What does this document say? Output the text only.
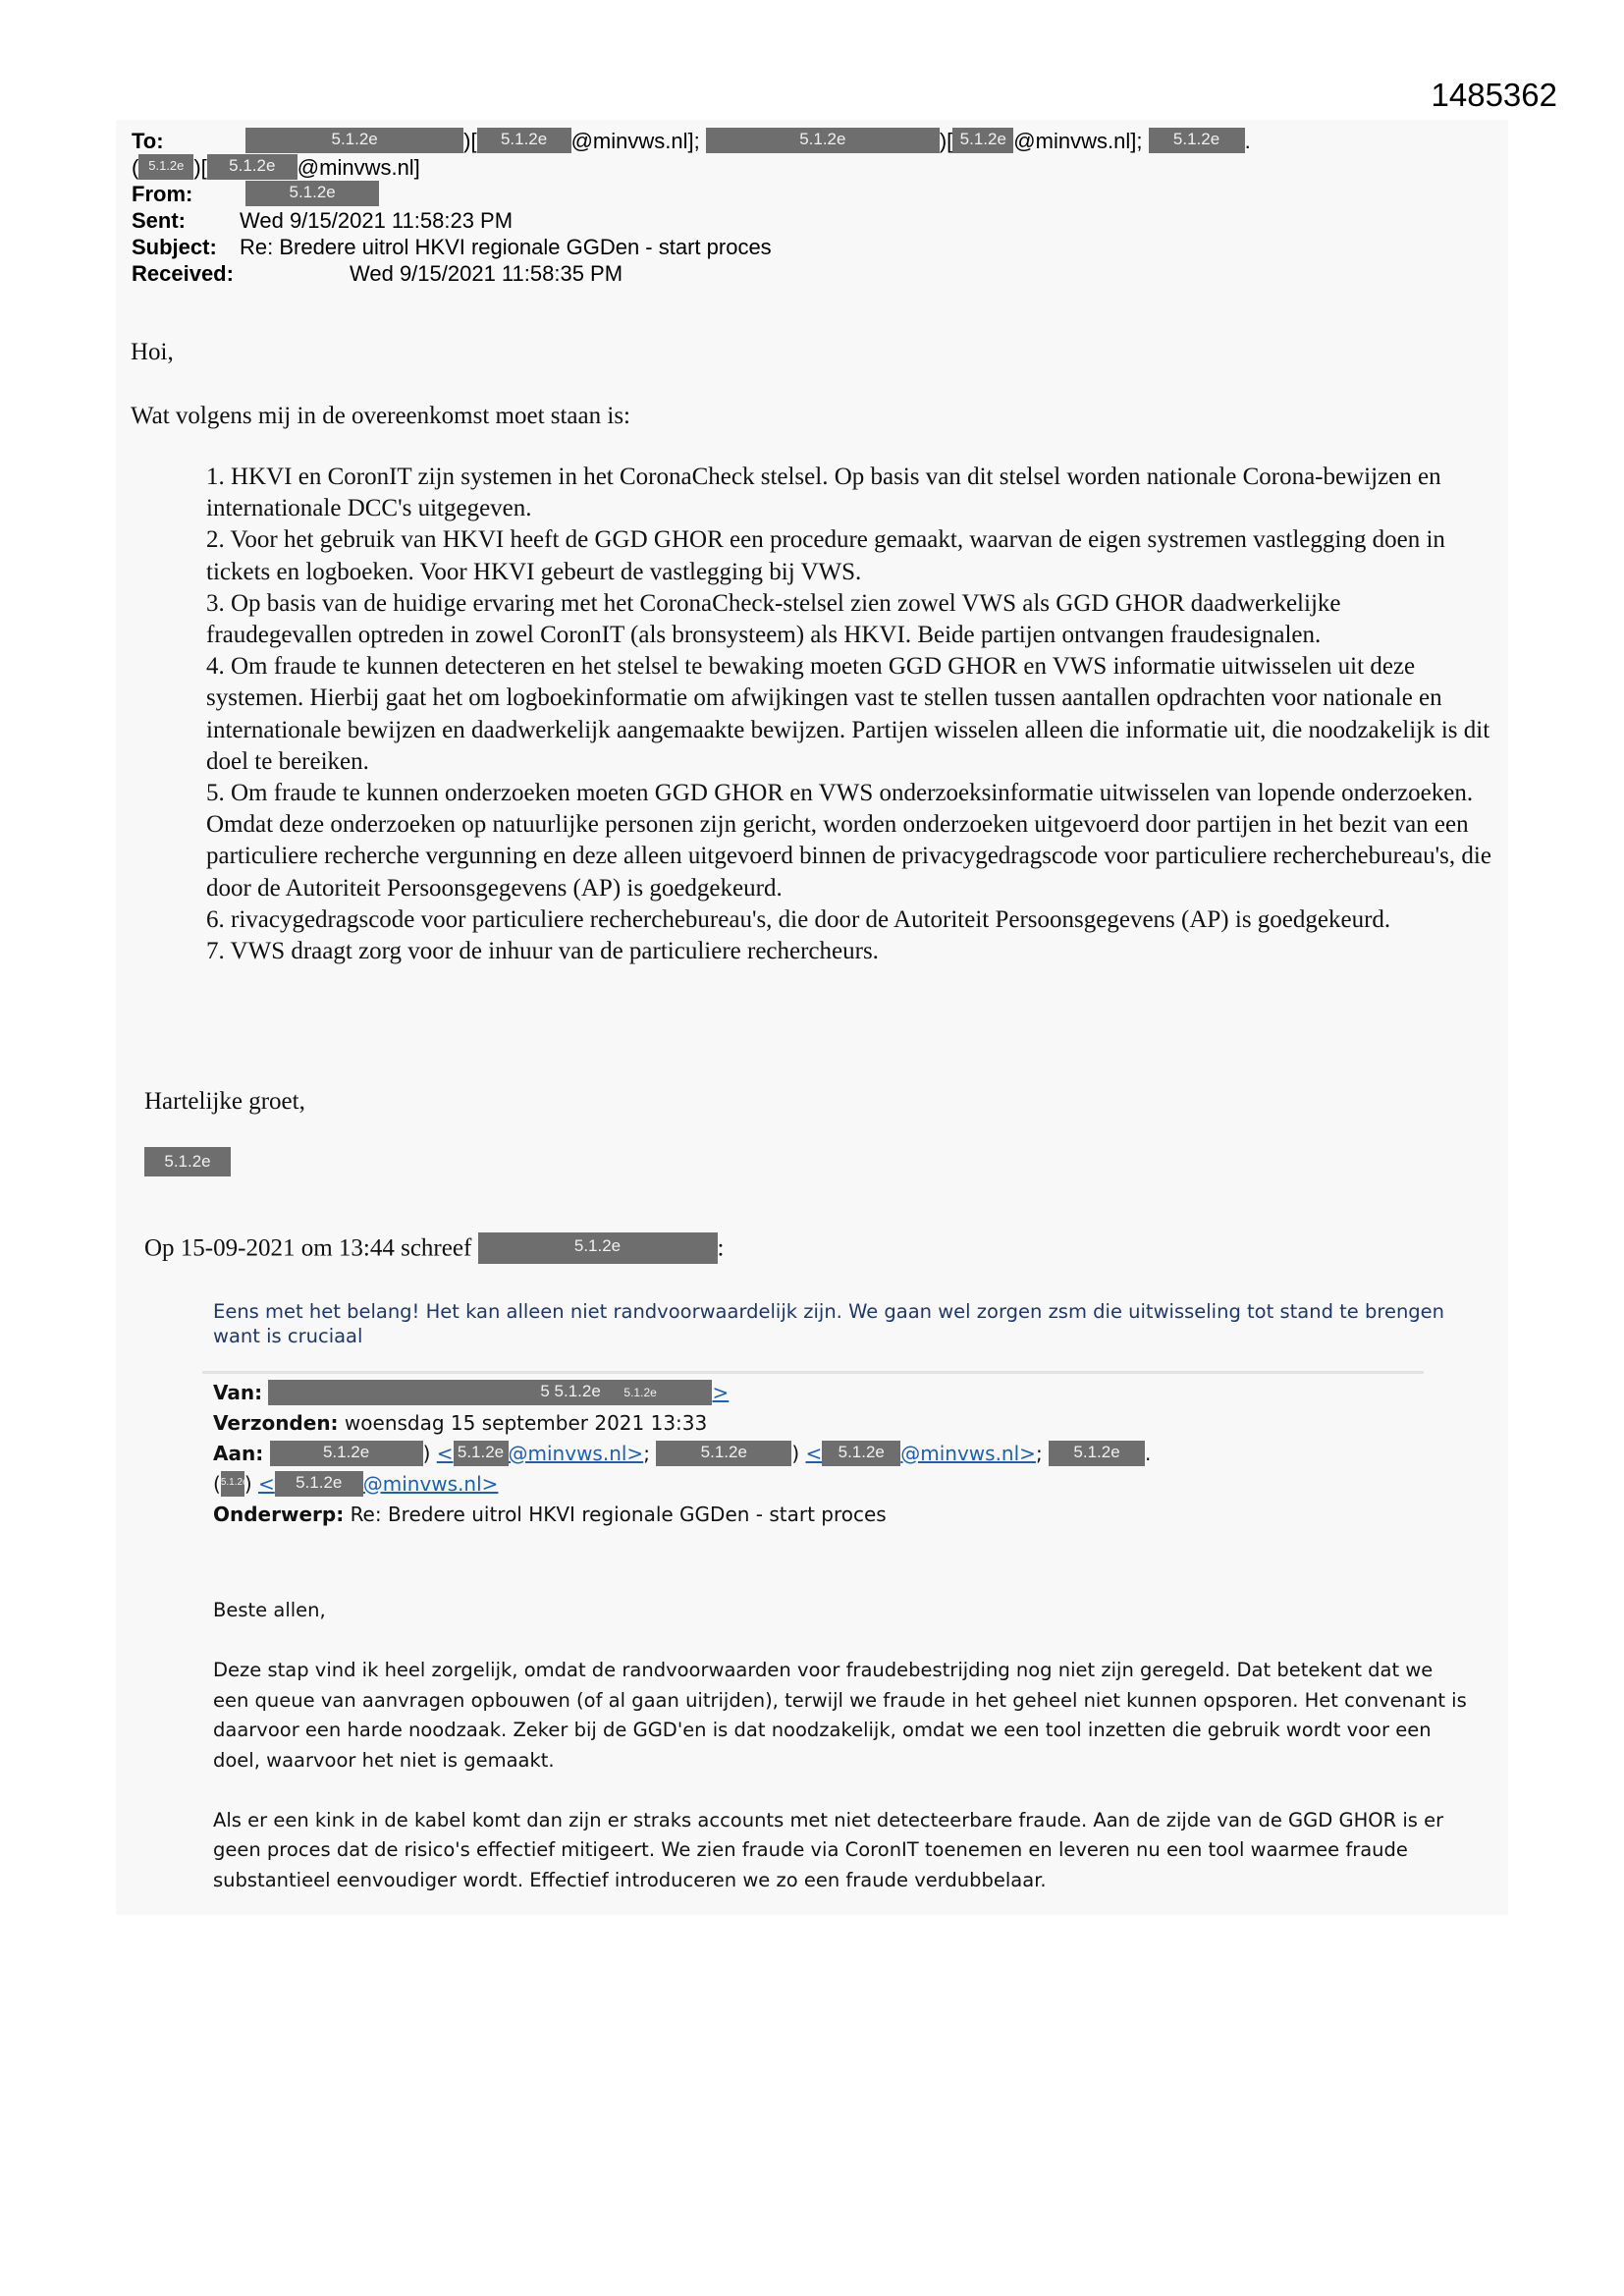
1485362
To:	5.1.2e	)[ 5.1.2e @minvws.nl];	5.1.2e	)[ 5.1.2e @minvws.nl]; 5.1.2e .
( 5.1.2e )[ 5.1.2e @minvws.nl]
From:	5.1.2e
Sent:	Wed 9/15/2021 11:58:23 PM
Subject: Re: Bredere uitrol HKVI regionale GGDen - start proces
Received:	Wed 9/15/2021 11:58:35 PM
Hoi,
Wat volgens mij in de overeenkomst moet staan is:

1. HKVI en CoronIT zijn systemen in het CoronaCheck stelsel. Op basis van dit stelsel worden nationale Corona-bewijzen en internationale DCC's uitgegeven.

2. Voor het gebruik van HKVI heeft de GGD GHOR een procedure gemaakt, waarvan de eigen systremen vastlegging doen in tickets en logboeken. Voor HKVI gebeurt de vastlegging bij VWS.

3. Op basis van de huidige ervaring met het CoronaCheck-stelsel zien zowel VWS als GGD GHOR daadwerkelijke fraudegevallen optreden in zowel CoronIT (als bronsysteem) als HKVI. Beide partijen ontvangen fraudesignalen.

4. Om fraude te kunnen detecteren en het stelsel te bewaking moeten GGD GHOR en VWS informatie uitwisselen uit deze systemen. Hierbij gaat het om logboekinformatie om afwijkingen vast te stellen tussen aantallen opdrachten voor nationale en internationale bewijzen en daadwerkelijk aangemaakte bewijzen. Partijen wisselen alleen die informatie uit, die noodzakelijk is dit doel te bereiken.

5. Om fraude te kunnen onderzoeken moeten GGD GHOR en VWS onderzoeksinformatie uitwisselen van lopende onderzoeken. Omdat deze onderzoeken op natuurlijke personen zijn gericht, worden onderzoeken uitgevoerd door partijen in het bezit van een particuliere recherche vergunning en deze alleen uitgevoerd binnen de privacygedragscode voor particuliere recherchebureau's, die door de Autoriteit Persoonsgegevens (AP) is goedgekeurd.

6. rivacygedragscode voor particuliere recherchebureau's, die door de Autoriteit Persoonsgegevens (AP) is goedgekeurd.

7. VWS draagt zorg voor de inhuur van de particuliere rechercheurs.

Hartelijke groet,
5.1.2e
Op 15-09-2021 om 13:44 schreef	5.1.2e	:
Eens met het belang! Het kan alleen niet randvoorwaardelijk zijn. We gaan wel zorgen zsm die uitwisseling tot stand te brengen want is cruciaal
Van:	5 5.1.2e 5.1.2e	>
Verzonden: woensdag 15 september 2021 13:33
Aan:	5.1.2e	) < 5.1.2e @minvws.nl>;	5.1.2e ) < 5.1.2e @minvws.nl>; 5.1.2e .
(5.1.2e) < 5.1.2e @minvws.nl>
Onderwerp: Re: Bredere uitrol HKVI regionale GGDen - start proces

Beste allen,

Deze stap vind ik heel zorgelijk, omdat de randvoorwaarden voor fraudebestrijding nog niet zijn geregeld. Dat betekent dat we een queue van aanvragen opbouwen (of al gaan uitrijden), terwijl we fraude in het geheel niet kunnen opsporen. Het convenant is daarvoor een harde noodzaak. Zeker bij de GGD'en is dat noodzakelijk, omdat we een tool inzetten die gebruik wordt voor een doel, waarvoor het niet is gemaakt.

Als er een kink in de kabel komt dan zijn er straks accounts met niet detecteerbare fraude. Aan de zijde van de GGD GHOR is er geen proces dat de risico's effectief mitigeert. We zien fraude via CoronIT toenemen en leveren nu een tool waarmee fraude substantieel eenvoudiger wordt. Effectief introduceren we zo een fraude verdubbelaar.
